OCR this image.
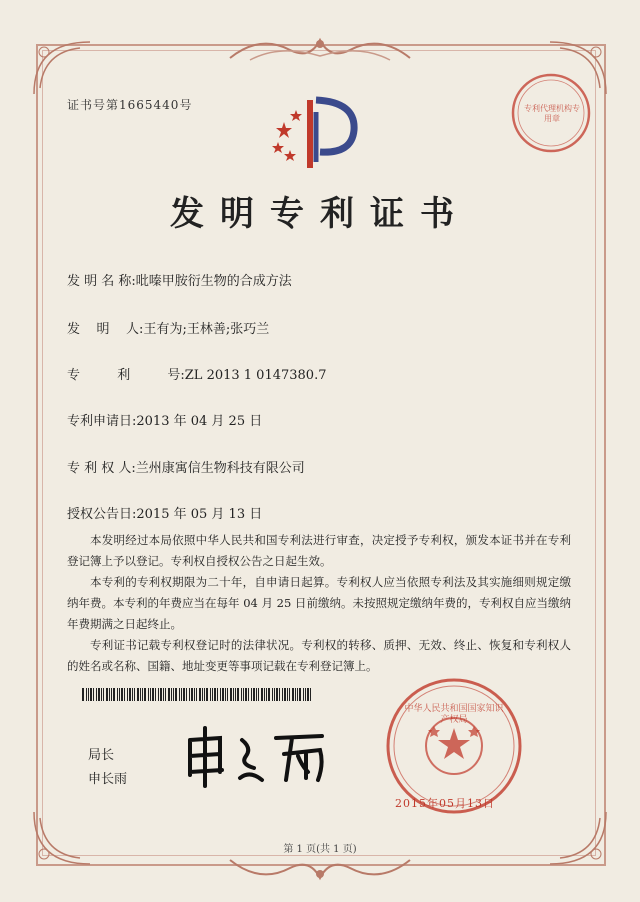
证书号第1665440号	专利代理机构专用章
发明专利证书
发 明 名 称:吡嗪甲胺衍生物的合成方法
发    明    人:王有为;王林善;张巧兰
专         利         号:ZL 2013 1 0147380.7
专利申请日:2013 年 04 月 25 日
专 利 权 人:兰州康寓信生物科技有限公司
授权公告日:2015 年 05 月 13 日

本发明经过本局依照中华人民共和国专利法进行审查，决定授予专利权，颁发本证书并在专利登记簿上予以登记。专利权自授权公告之日起生效。

本专利的专利权期限为二十年，自申请日起算。专利权人应当依照专利法及其实施细则规定缴纳年费。本专利的年费应当在每年 04 月 25 日前缴纳。未按照规定缴纳年费的，专利权自应当缴纳年费期满之日起终止。

专利证书记载专利权登记时的法律状况。专利权的转移、质押、无效、终止、恢复和专利权人的姓名或名称、国籍、地址变更等事项记载在专利登记簿上。

局长
申长雨
中华人民共和国国家知识产权局
2015年05月13日
第 1 页(共 1 页)
